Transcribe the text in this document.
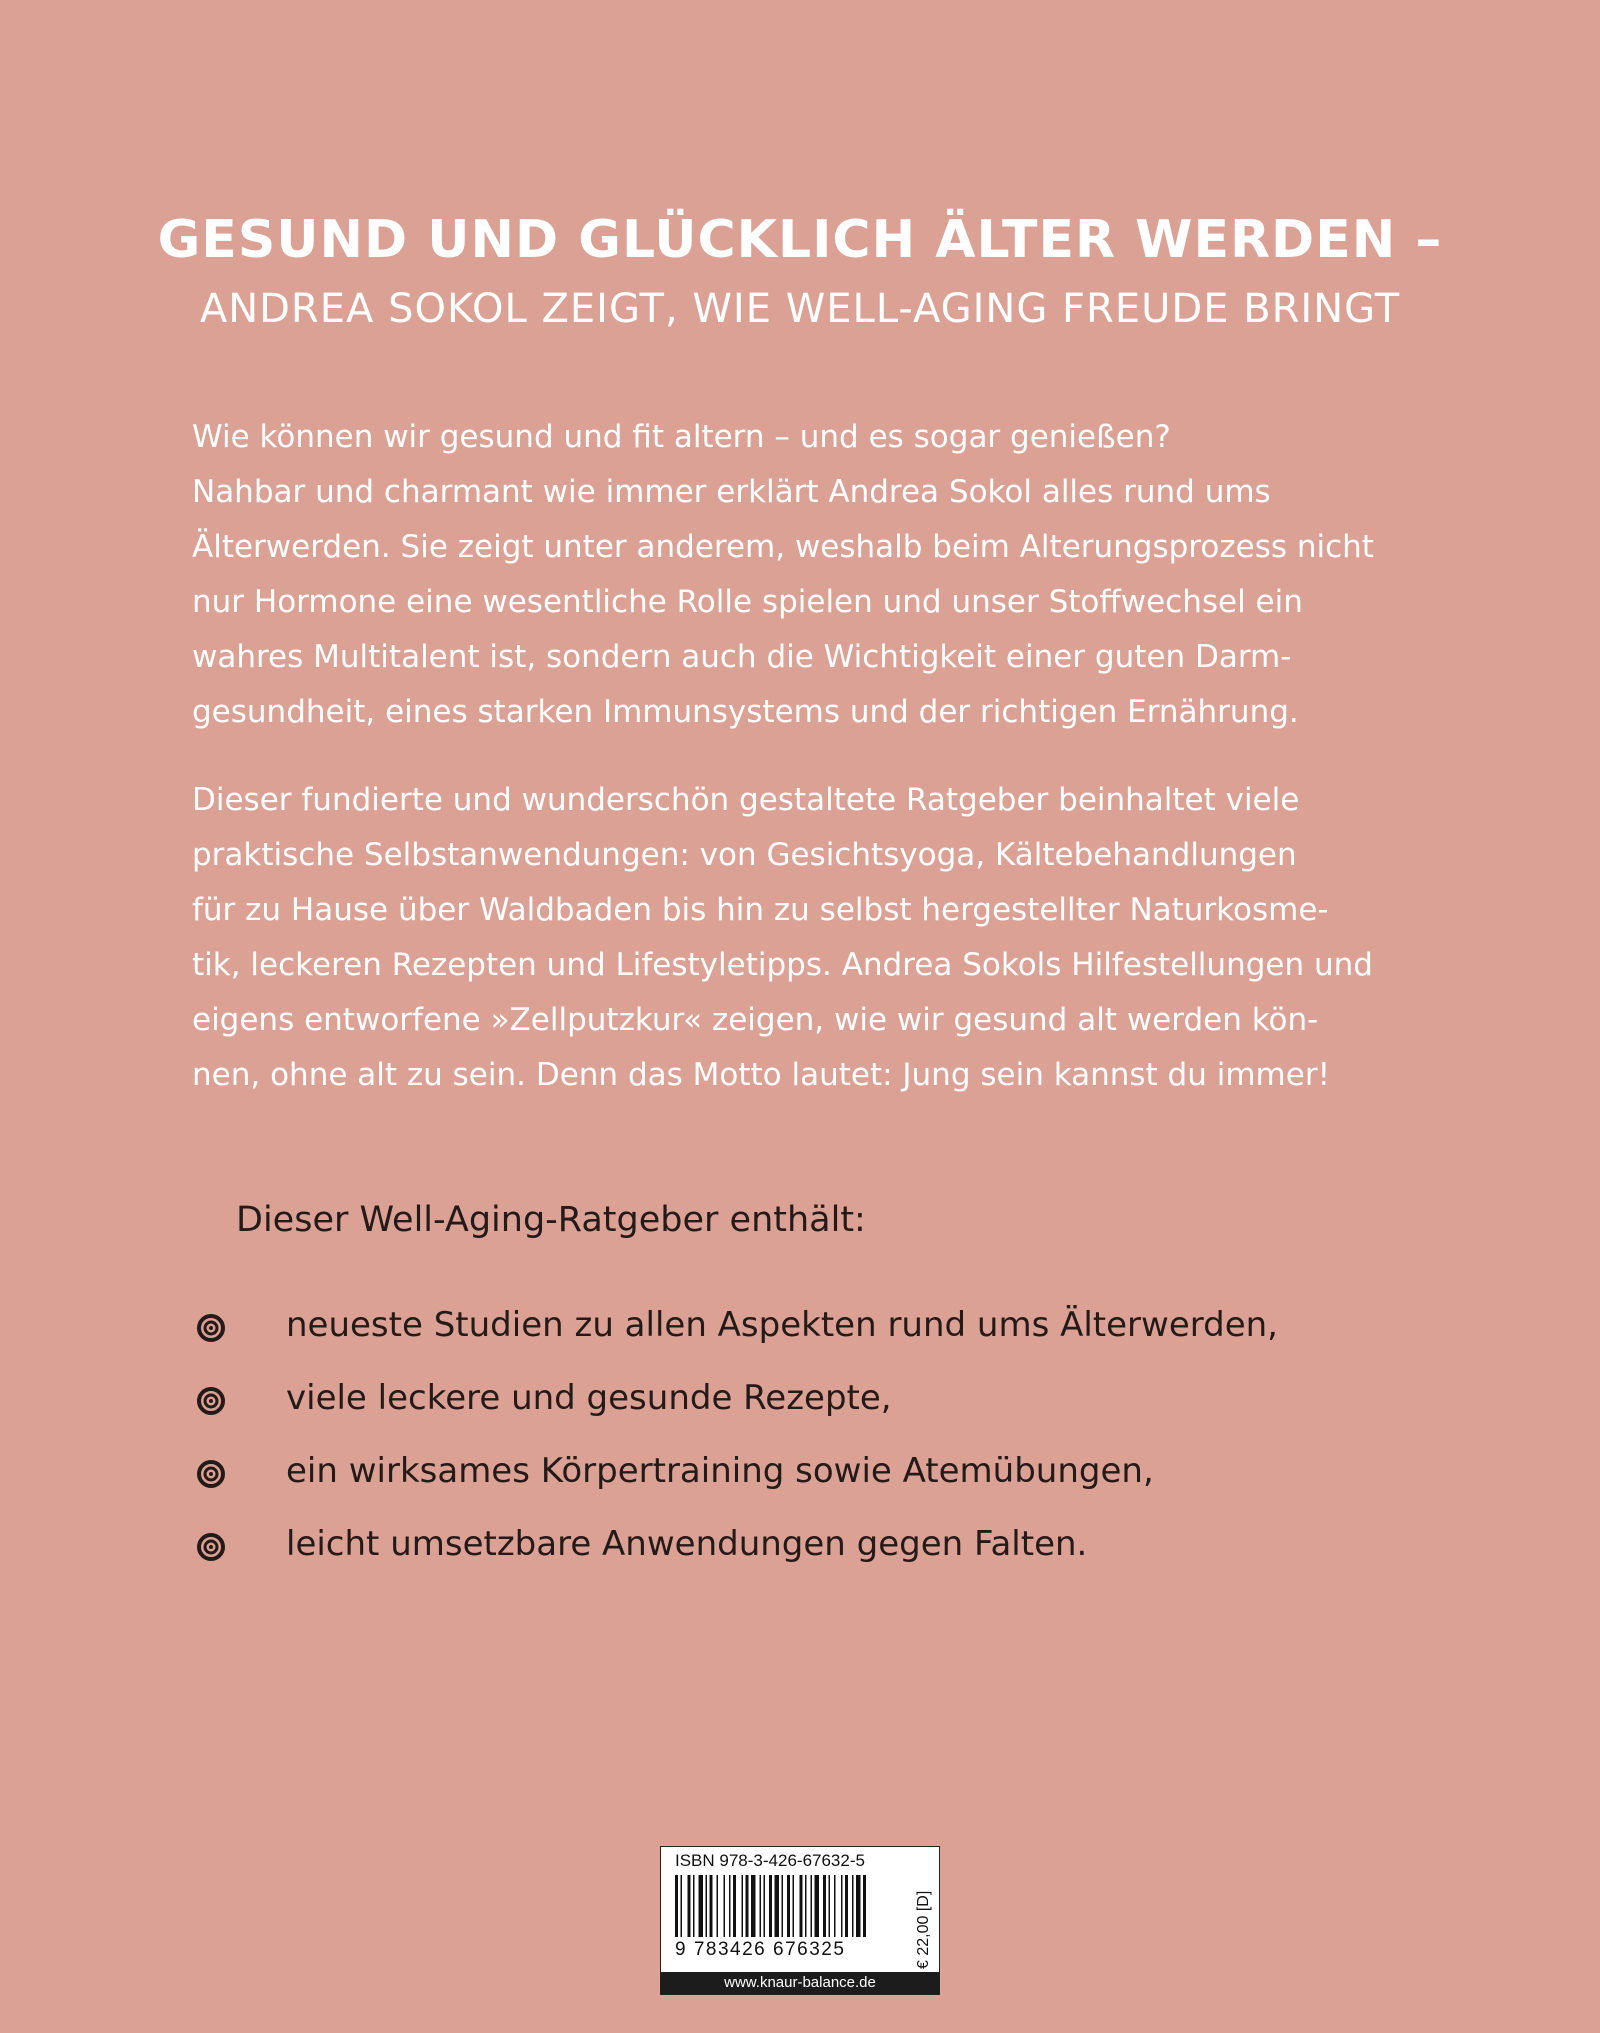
GESUND UND GLÜCKLICH ÄLTER WERDEN –
ANDREA SOKOL ZEIGT, WIE WELL-AGING FREUDE BRINGT

Wie können wir gesund und fit altern – und es sogar genießen?
Nahbar und charmant wie immer erklärt Andrea Sokol alles rund ums
Älterwerden. Sie zeigt unter anderem, weshalb beim Alterungsprozess nicht
nur Hormone eine wesentliche Rolle spielen und unser Stoffwechsel ein
wahres Multitalent ist, sondern auch die Wichtigkeit einer guten Darm-
gesundheit, eines starken Immunsystems und der richtigen Ernährung.

Dieser fundierte und wunderschön gestaltete Ratgeber beinhaltet viele
praktische Selbstanwendungen: von Gesichtsyoga, Kältebehandlungen
für zu Hause über Waldbaden bis hin zu selbst hergestellter Naturkosme-
tik, leckeren Rezepten und Lifestyletipps. Andrea Sokols Hilfestellungen und
eigens entworfene »Zellputzkur« zeigen, wie wir gesund alt werden kön-
nen, ohne alt zu sein. Denn das Motto lautet: Jung sein kannst du immer!

Dieser Well-Aging-Ratgeber enthält:
neueste Studien zu allen Aspekten rund ums Älterwerden,
viele leckere und gesunde Rezepte,
ein wirksames Körpertraining sowie Atemübungen,
leicht umsetzbare Anwendungen gegen Falten.
ISBN 978-3-426-67632-5
9 783426 676325	€ 22,00 [D]
www.knaur-balance.de
